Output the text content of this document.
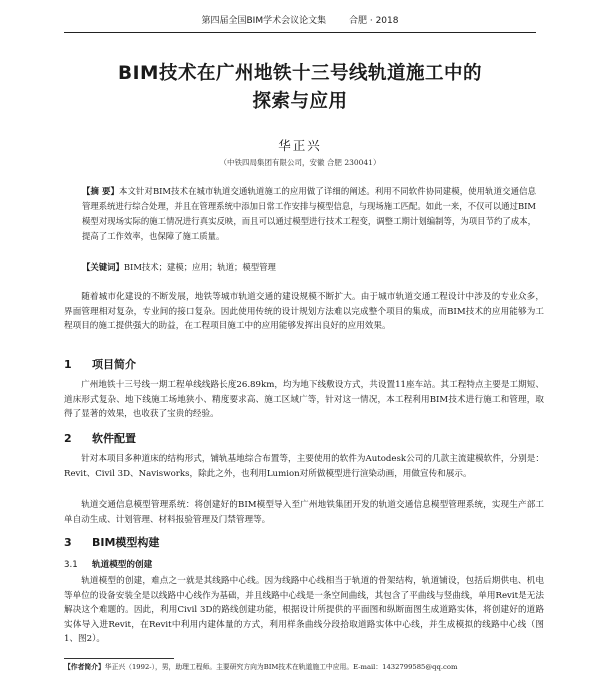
第四届全国BIM学术会议论文集	合肥 · 2018
BIM技术在广州地铁十三号线轨道施工中的
探索与应用
华正兴
（中铁四局集团有限公司，安徽 合肥 230041）
【摘 要】本文针对BIM技术在城市轨道交通轨道施工的应用做了详细的阐述。利用不同软件协同建模，使用轨道交通信息管理系统进行综合处理，并且在管理系统中添加日常工作安排与模型信息，与现场施工匹配。如此一来，不仅可以通过BIM模型对现场实际的施工情况进行真实反映，而且可以通过模型进行技术工程变，调整工期计划编制等，为项目节约了成本，提高了工作效率，也保障了施工质量。
【关键词】BIM技术；建模；应用；轨道；模型管理
随着城市化建设的不断发展，地铁等城市轨道交通的建设规模不断扩大。由于城市轨道交通工程设计中涉及的专业众多，界面管理相对复杂，专业间的接口复杂。因此使用传统的设计规划方法难以完成整个项目的集成，而BIM技术的应用能够为工程项目的施工提供强大的助益，在工程项目施工中的应用能够发挥出良好的应用效果。
1 项目简介
广州地铁十三号线一期工程单线线路长度26.89km，均为地下线敷设方式，共设置11座车站。其工程特点主要是工期短、道床形式复杂、地下线施工场地狭小、精度要求高、施工区域广等，针对这一情况，本工程利用BIM技术进行施工和管理，取得了显著的效果，也收获了宝贵的经验。
2 软件配置
针对本项目多种道床的结构形式，铺轨基地综合布置等，主要使用的软件为Autodesk公司的几款主流建模软件，分别是：Revit、Civil 3D、Navisworks，除此之外，也利用Lumion对所做模型进行渲染动画，用做宣传和展示。
轨道交通信息模型管理系统：将创建好的BIM模型导入至广州地铁集团开发的轨道交通信息模型管理系统，实现生产部工单自动生成、计划管理、材料报验管理及门禁管理等。
3 BIM模型构建
3.1 轨道模型的创建
轨道模型的创建，难点之一就是其线路中心线。因为线路中心线相当于轨道的骨架结构，轨道铺设，包括后期供电、机电等单位的设备安装全是以线路中心线作为基础，并且线路中心线是一条空间曲线，其包含了平曲线与竖曲线，单用Revit是无法解决这个难题的。因此，利用Civil 3D的路线创建功能，根据设计所提供的平面图和纵断面图生成道路实体，将创建好的道路实体导入进Revit，在Revit中利用内建体量的方式，利用样条曲线分段拾取道路实体中心线，并生成模拟的线路中心线（图1、图2）。
【作者简介】华正兴（1992-），男，助理工程师。主要研究方向为BIM技术在轨道施工中应用。E-mail：1432799585@qq.com
